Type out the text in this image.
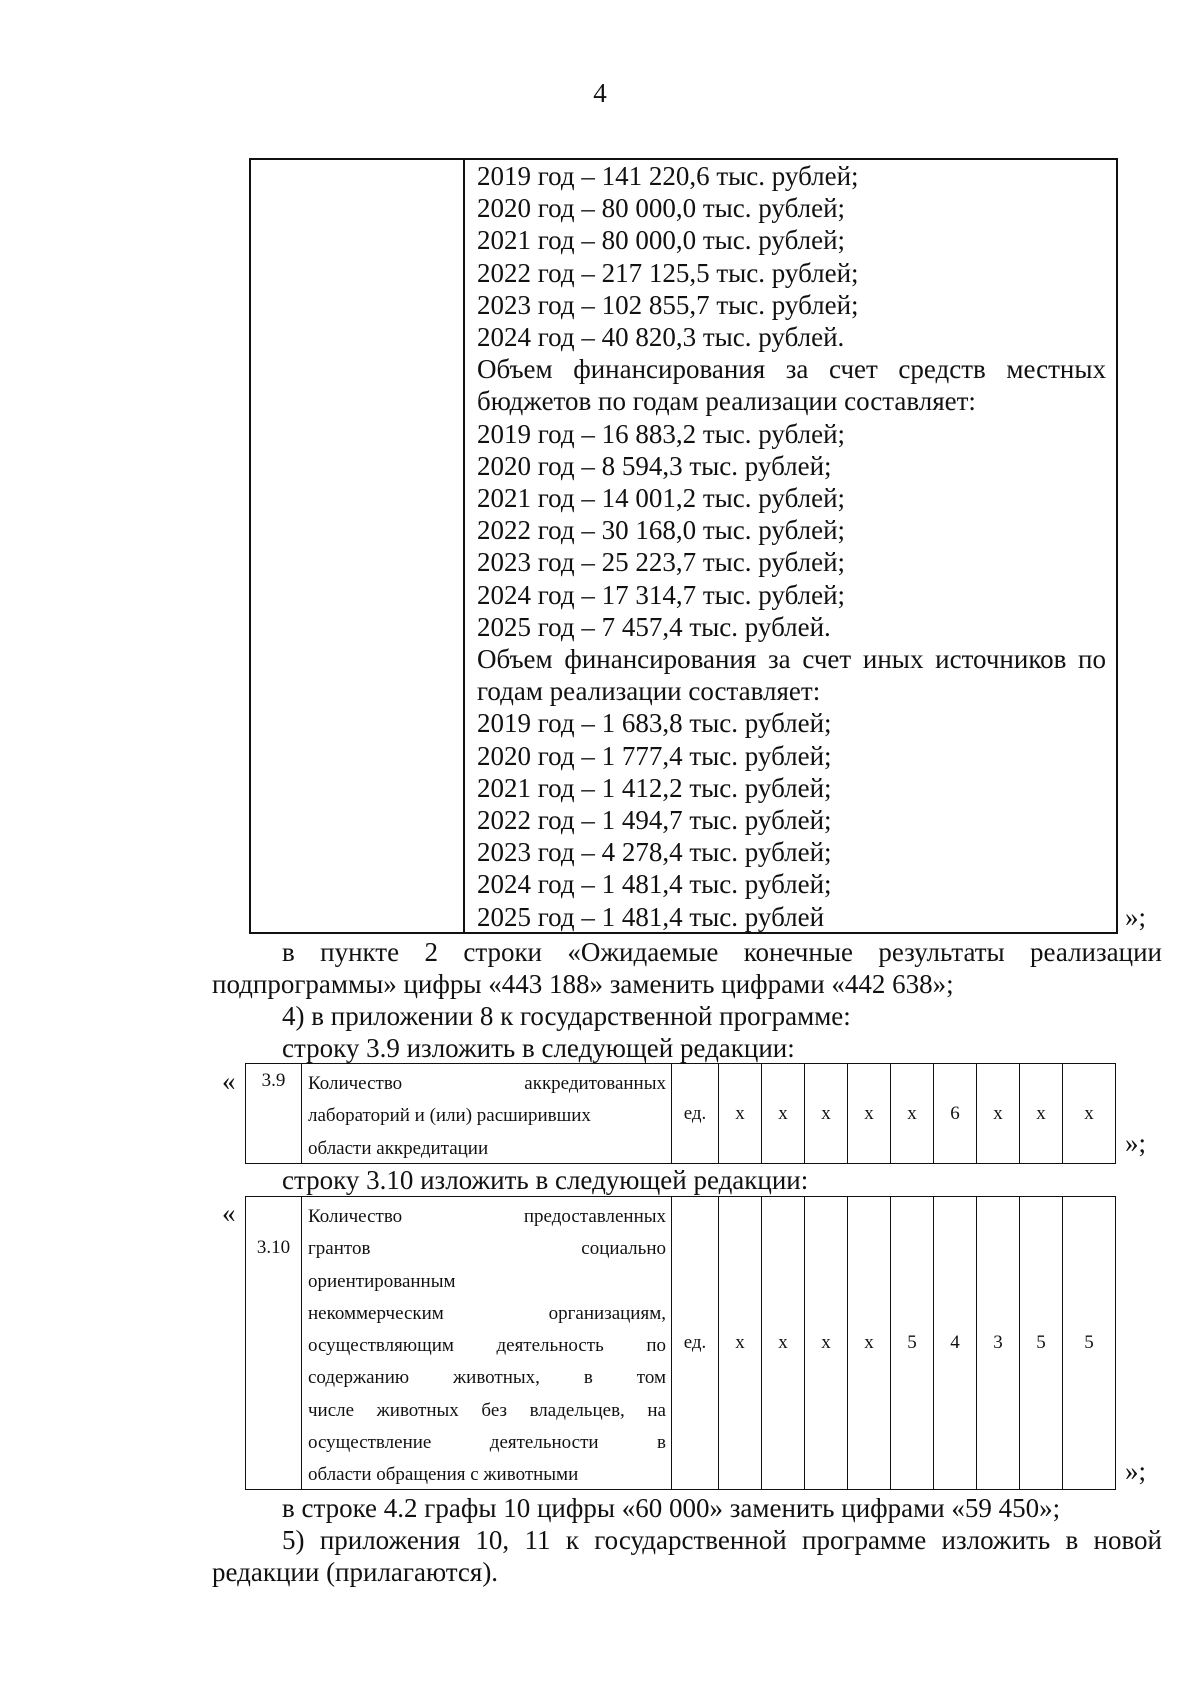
4
2019 год – 141 220,6 тыс. рублей;
2020 год – 80 000,0 тыс. рублей;
2021 год – 80 000,0 тыс. рублей;
2022 год – 217 125,5 тыс. рублей;
2023 год – 102 855,7 тыс. рублей;
2024 год – 40 820,3 тыс. рублей.
Объем финансирования за счет средств местных
бюджетов по годам реализации составляет:
2019 год – 16 883,2 тыс. рублей;
2020 год – 8 594,3 тыс. рублей;
2021 год – 14 001,2 тыс. рублей;
2022 год – 30 168,0 тыс. рублей;
2023 год – 25 223,7 тыс. рублей;
2024 год – 17 314,7 тыс. рублей;
2025 год – 7 457,4 тыс. рублей.
Объем финансирования за счет иных источников по
годам реализации составляет:
2019 год – 1 683,8 тыс. рублей;
2020 год – 1 777,4 тыс. рублей;
2021 год – 1 412,2 тыс. рублей;
2022 год – 1 494,7 тыс. рублей;
2023 год – 4 278,4 тыс. рублей;
2024 год – 1 481,4 тыс. рублей;
2025 год – 1 481,4 тыс. рублей	»;
в пункте 2 строки «Ожидаемые конечные результаты реализации
подпрограммы» цифры «443 188» заменить цифрами «442 638»;
4) в приложении 8 к государственной программе:
строку 3.9 изложить в следующей редакции:
« 3.9 Количество аккредитованных
лабораторий и (или) расширивших
области аккредитации
ед. х х х х х 6 х х х
»;
строку 3.10 изложить в следующей редакции:
«
3.10
Количество предоставленных
грантов социально
ориентированным
некоммерческим организациям,
осуществляющим деятельность по
содержанию животных, в том
числе животных без владельцев, на
осуществление деятельности в
области обращения с животными
ед. х х х х 5 4 3 5 5
»;
в строке 4.2 графы 10 цифры «60 000» заменить цифрами «59 450»;
5) приложения 10, 11 к государственной программе изложить в новой
редакции (прилагаются).
